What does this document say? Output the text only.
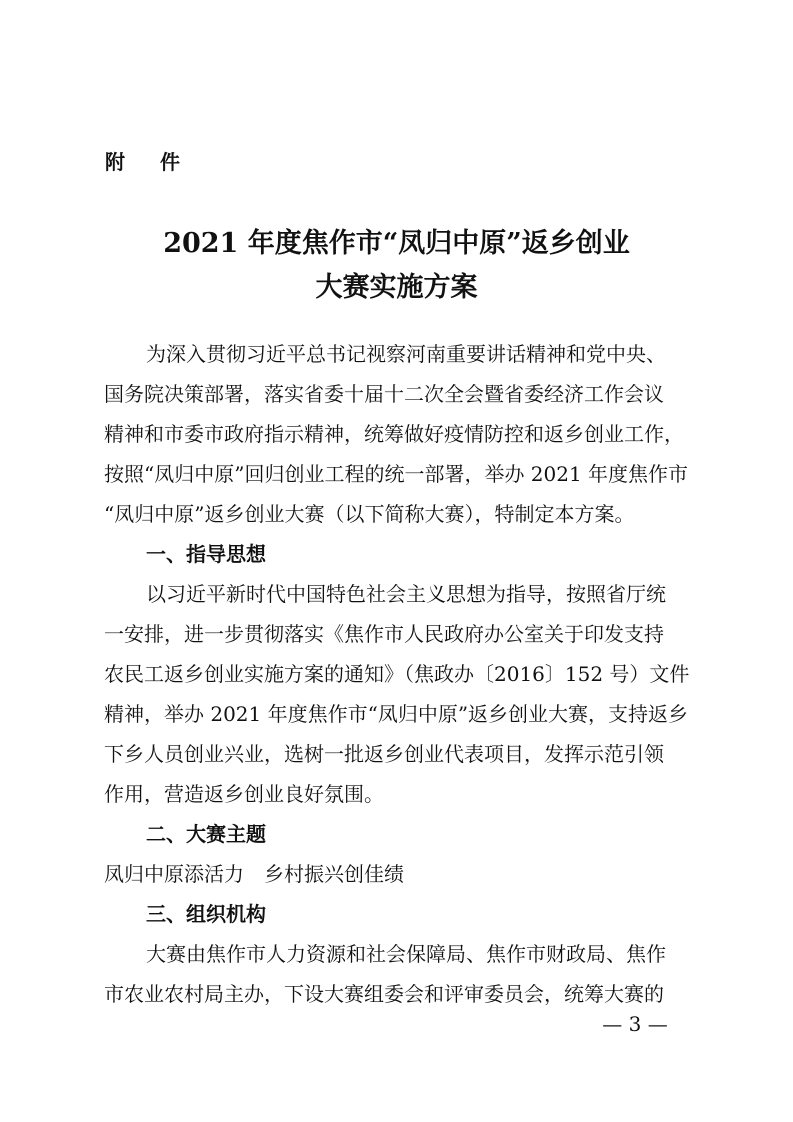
附 件
2021 年度焦作市“凤归中原”返乡创业
大赛实施方案
为深入贯彻习近平总书记视察河南重要讲话精神和党中央、
国务院决策部署，落实省委十届十二次全会暨省委经济工作会议
精神和市委市政府指示精神，统筹做好疫情防控和返乡创业工作，
按照“凤归中原”回归创业工程的统一部署，举办 2021 年度焦作市
“凤归中原”返乡创业大赛（以下简称大赛），特制定本方案。
一、指导思想
以习近平新时代中国特色社会主义思想为指导，按照省厅统
一安排，进一步贯彻落实《焦作市人民政府办公室关于印发支持
农民工返乡创业实施方案的通知》（焦政办〔2016〕152 号）文件
精神，举办 2021 年度焦作市“凤归中原”返乡创业大赛，支持返乡
下乡人员创业兴业，选树一批返乡创业代表项目，发挥示范引领
作用，营造返乡创业良好氛围。
二、大赛主题
凤归中原添活力　乡村振兴创佳绩
三、组织机构
大赛由焦作市人力资源和社会保障局、焦作市财政局、焦作
市农业农村局主办，下设大赛组委会和评审委员会，统筹大赛的
— 3 —
